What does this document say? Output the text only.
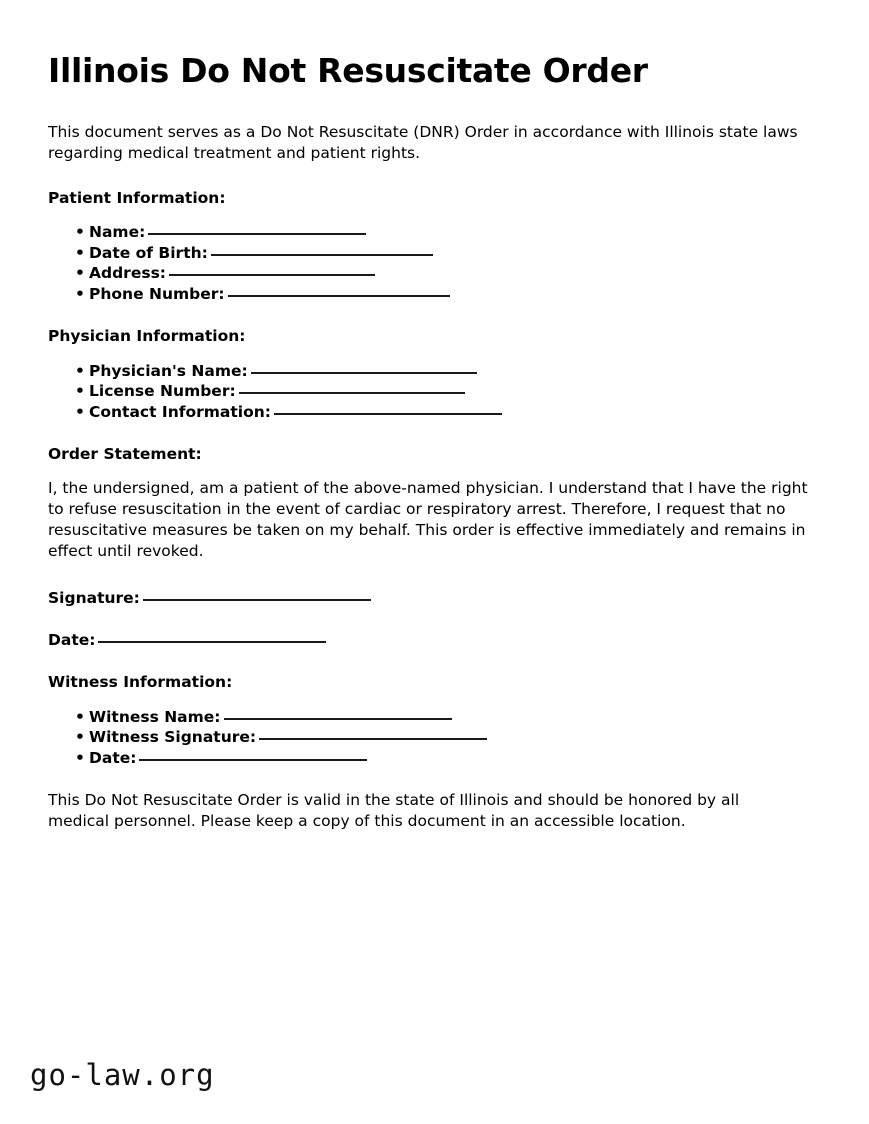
Illinois Do Not Resuscitate Order

This document serves as a Do Not Resuscitate (DNR) Order in accordance with Illinois state laws regarding medical treatment and patient rights.

Patient Information:
• Name:
• Date of Birth:
• Address:
• Phone Number:
Physician Information:
• Physician's Name:
• License Number:
• Contact Information:
Order Statement:

I, the undersigned, am a patient of the above-named physician. I understand that I have the right to refuse resuscitation in the event of cardiac or respiratory arrest. Therefore, I request that no resuscitative measures be taken on my behalf. This order is effective immediately and remains in effect until revoked.

Signature:
Date:
Witness Information:
• Witness Name:
• Witness Signature:
• Date:

This Do Not Resuscitate Order is valid in the state of Illinois and should be honored by all medical personnel. Please keep a copy of this document in an accessible location.

go-law.org
